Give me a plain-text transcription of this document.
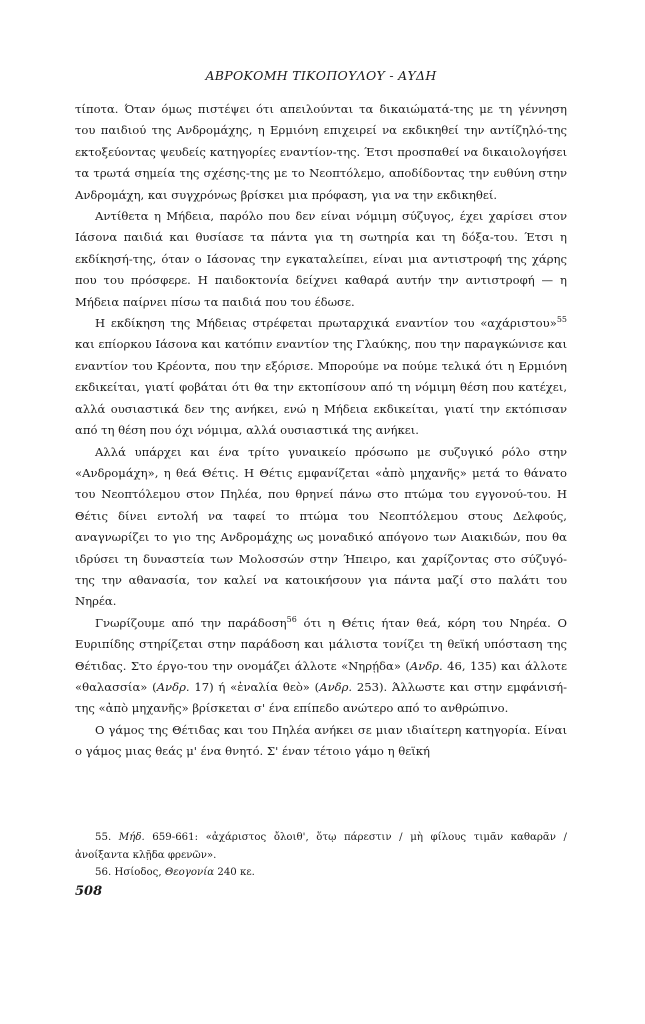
ΑΒΡΟΚΟΜΗ ΤΙΚΟΠΟΥΛΟΥ - ΑΥΔΗ

τίποτα. Όταν όμως πιστέψει ότι απειλούνται τα δικαιώματά-της με τη γέννηση του παιδιού της Ανδρομάχης, η Ερμιόνη επιχειρεί να εκδικηθεί την αντίζηλό-της εκτοξεύοντας ψευδείς κατηγορίες εναντίον-της. Έτσι προσπαθεί να δικαιολογήσει τα τρωτά σημεία της σχέσης-της με το Νεοπτόλεμο, αποδίδοντας την ευθύνη στην Ανδρομάχη, και συγχρόνως βρίσκει μια πρόφαση, για να την εκδικηθεί.

Αντίθετα η Μήδεια, παρόλο που δεν είναι νόμιμη σύζυγος, έχει χαρίσει στον Ιάσονα παιδιά και θυσίασε τα πάντα για τη σωτηρία και τη δόξα-του. Έτσι η εκδίκησή-της, όταν ο Ιάσονας την εγκαταλείπει, είναι μια αντιστροφή της χάρης που του πρόσφερε. Η παιδοκτονία δείχνει καθαρά αυτήν την αντιστροφή — η Μήδεια παίρνει πίσω τα παιδιά που του έδωσε.

Η εκδίκηση της Μήδειας στρέφεται πρωταρχικά εναντίον του «αχάριστου»$^{55}$ και επίορκου Ιάσονα και κατόπιν εναντίον της Γλαύκης, που την παραγκώνισε και εναντίον του Κρέοντα, που την εξόρισε. Μπορούμε να πούμε τελικά ότι η Ερμιόνη εκδικείται, γιατί φοβάται ότι θα την εκτοπίσουν από τη νόμιμη θέση που κατέχει, αλλά ουσιαστικά δεν της ανήκει, ενώ η Μήδεια εκδικείται, γιατί την εκτόπισαν από τη θέση που όχι νόμιμα, αλλά ουσιαστικά της ανήκει.

Αλλά υπάρχει και ένα τρίτο γυναικείο πρόσωπο με συζυγικό ρόλο στην «Ανδρομάχη», η θεά Θέτις. Η Θέτις εμφανίζεται «ἀπὸ μηχανῆς» μετά το θάνατο του Νεοπτόλεμου στον Πηλέα, που θρηνεί πάνω στο πτώμα του εγγονού-του. Η Θέτις δίνει εντολή να ταφεί το πτώμα του Νεοπτόλεμου στους Δελφούς, αναγνωρίζει το γιο της Ανδρομάχης ως μοναδικό απόγονο των Αιακιδών, που θα ιδρύσει τη δυναστεία των Μολοσσών στην Ήπειρο, και χαρίζοντας στο σύζυγό-της την αθανασία, τον καλεί να κατοικήσουν για πάντα μαζί στο παλάτι του Νηρέα.

Γνωρίζουμε από την παράδοση$^{56}$ ότι η Θέτις ήταν θεά, κόρη του Νηρέα. Ο Ευριπίδης στηρίζεται στην παράδοση και μάλιστα τονίζει τη θεϊκή υπόσταση της Θέτιδας. Στο έργο-του την ονομάζει άλλοτε «Νηρῄδα» (Ανδρ. 46, 135) και άλλοτε «θαλασσία» (Ανδρ. 17) ή «ἐναλία θεὸ» (Ανδρ. 253). Άλλωστε και στην εμφάνισή-της «ἀπὸ μηχανῆς» βρίσκεται σ' ένα επίπεδο ανώτερο από το ανθρώπινο.

Ο γάμος της Θέτιδας και του Πηλέα ανήκει σε μιαν ιδιαίτερη κατηγορία. Είναι ο γάμος μιας θεάς μ' ένα θνητό. Σ' έναν τέτοιο γάμο η θεϊκή

55. Μήδ. 659-661: «ἀχάριστος ὄλοιθ', ὅτῳ πάρεστιν / μὴ φίλους τιμᾶν καθαρᾶν / ἀνοίξαντα κλῇδα φρενῶν».

56. Ησίοδος, Θεογονία 240 κε.

508
